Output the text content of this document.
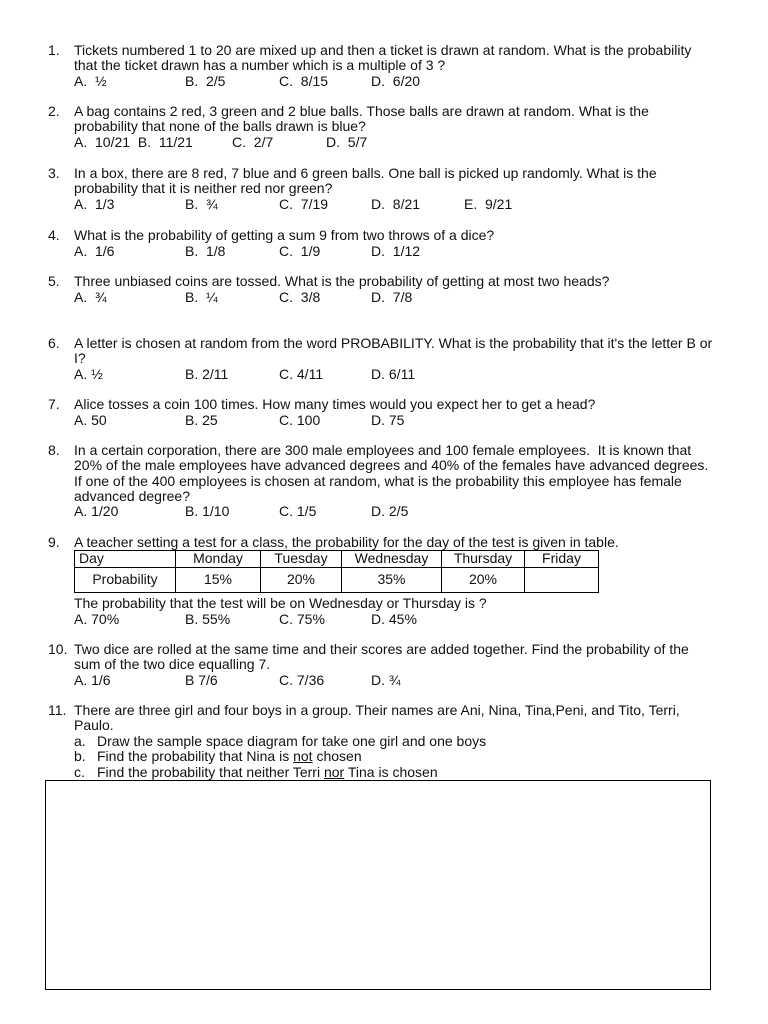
1. Tickets numbered 1 to 20 are mixed up and then a ticket is drawn at random. What is the probability that the ticket drawn has a number which is a multiple of 3 ?
A.  ½	B.  2/5	C.  8/15	D.  6/20
2. A bag contains 2 red, 3 green and 2 blue balls. Those balls are drawn at random. What is the probability that none of the balls drawn is blue?
A.  10/21  B.  11/21	C.  2/7	D.  5/7
3. In a box, there are 8 red, 7 blue and 6 green balls. One ball is picked up randomly. What is the probability that it is neither red nor green?
A.  1/3	B.  ¾	C.  7/19	D.  8/21	E.  9/21
4. What is the probability of getting a sum 9 from two throws of a dice?
A.  1/6	B.  1/8	C.  1/9	D.  1/12
5. Three unbiased coins are tossed. What is the probability of getting at most two heads?
A.  ¾	B.  ¼	C.  3/8	D.  7/8
6. A letter is chosen at random from the word PROBABILITY. What is the probability that it's the letter B or I?
A. ½	B. 2/11	C. 4/11	D. 6/11
7. Alice tosses a coin 100 times. How many times would you expect her to get a head?
A. 50	B. 25	C. 100	D. 75
8. In a certain corporation, there are 300 male employees and 100 female employees.  It is known that 20% of the male employees have advanced degrees and 40% of the females have advanced degrees.  If one of the 400 employees is chosen at random, what is the probability this employee has female advanced degree?
A. 1/20	B. 1/10	C. 1/5	D. 2/5
9. A teacher setting a test for a class, the probability for the day of the test is given in table.
Day	Monday	Tuesday	Wednesday	Thursday	Friday
Probability	15%	20%	35%	20%	
The probability that the test will be on Wednesday or Thursday is ?
A. 70%	B. 55%	C. 75%	D. 45%
10. Two dice are rolled at the same time and their scores are added together. Find the probability of the sum of the two dice equalling 7.
A. 1/6	B 7/6	C. 7/36	D. ¾
11. There are three girl and four boys in a group. Their names are Ani, Nina, Tina,Peni, and Tito, Terri, Paulo.
a. Draw the sample space diagram for take one girl and one boys
b. Find the probability that Nina is not chosen
c. Find the probability that neither Terri nor Tina is chosen
